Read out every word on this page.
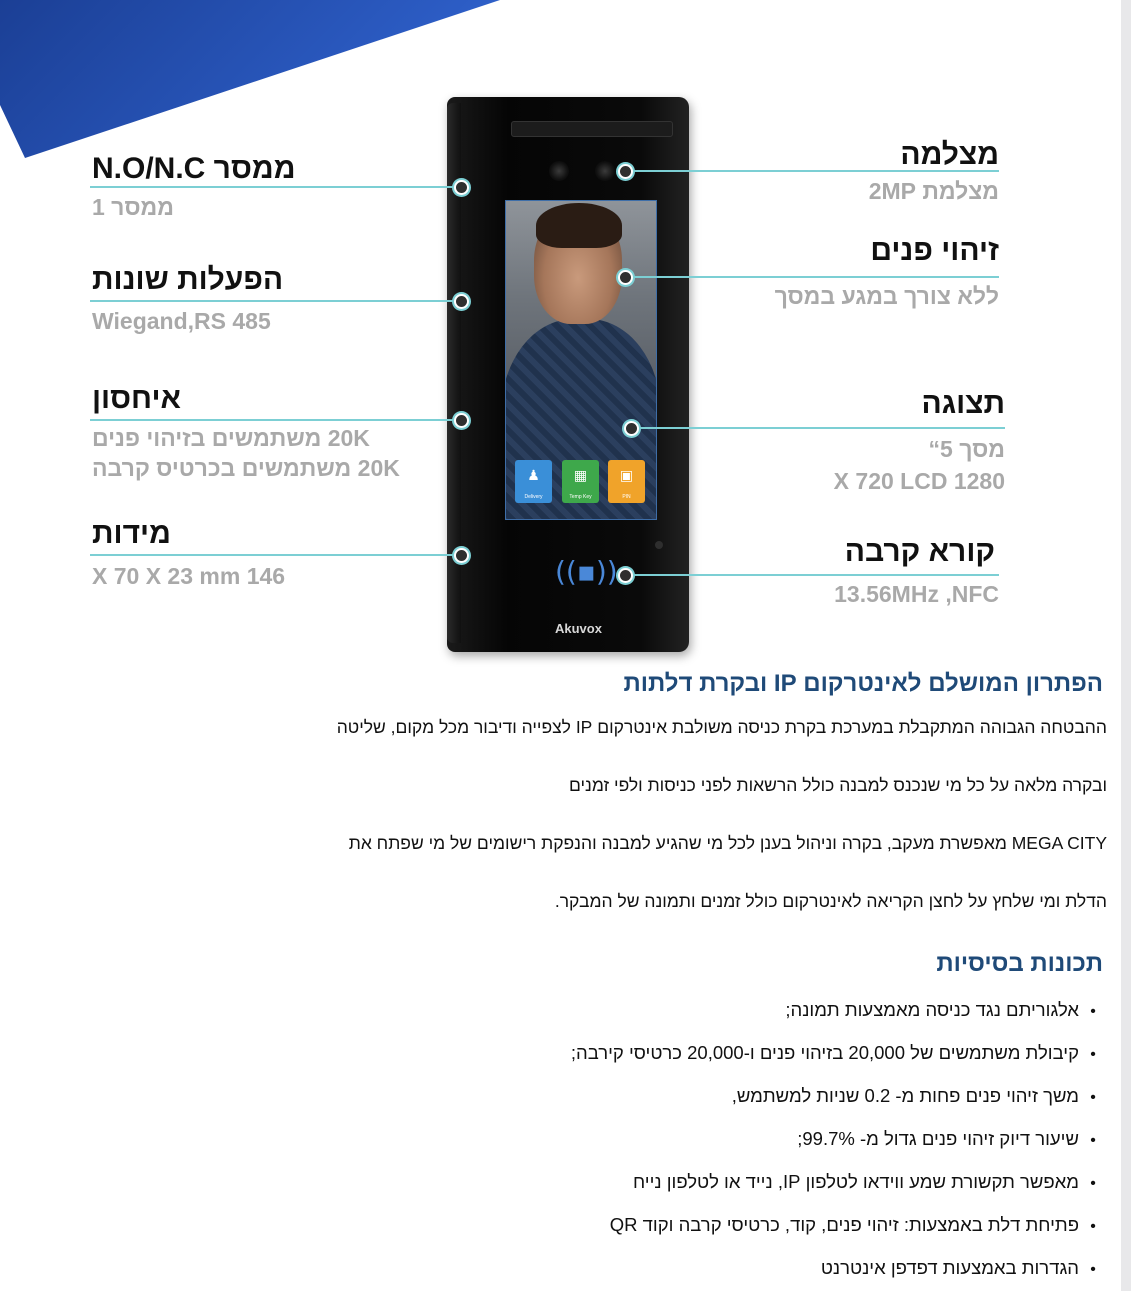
♟
Delivery
▦
Temp Key
▣
PIN
((▪))
Akuvox
ממסר N.O/N.C
ממסר 1
הפעלות שונות
Wiegand,RS 485
איחסון
20K משתמשים בזיהוי פנים
20K משתמשים בכרטיס קרבה
מידות
146 X 70 X 23 mm
מצלמה
מצלמת 2MP
זיהוי פנים
ללא צורך במגע במסך
תצוגה
מסך 5“
1280 X 720 LCD
קורא קרבה
13.56MHz ,NFC
הפתרון המושלם לאינטרקום IP ובקרת דלתות

ההבטחה הגבוהה המתקבלת במערכת בקרת כניסה משולבת אינטרקום IP לצפייה ודיבור מכל מקום, שליטה

ובקרה מלאה על כל מי שנכנס למבנה כולל הרשאות לפני כניסות ולפי זמנים

MEGA CITY מאפשרת מעקב, בקרה וניהול בענן לכל מי שהגיע למבנה והנפקת רישומים של מי שפתח את

הדלת ומי שלחץ על לחצן הקריאה לאינטרקום כולל זמנים ותמונה של המבקר.

תכונות בסיסיות
•אלגוריתם נגד כניסה מאמצעות תמונה;
•קיבולת משתמשים של 20,000 בזיהוי פנים ו-20,000 כרטיסי קירבה;
•משך זיהוי פנים פחות מ- 0.2 שניות למשתמש,
•שיעור דיוק זיהוי פנים גדול מ- 99.7%;
•מאפשר תקשורת שמע ווידאו לטלפון IP, נייד או לטלפון נייח
•פתיחת דלת באמצעות: זיהוי פנים, קוד, כרטיסי קרבה וקוד QR
•הגדרות באמצעות דפדפן אינטרנט
